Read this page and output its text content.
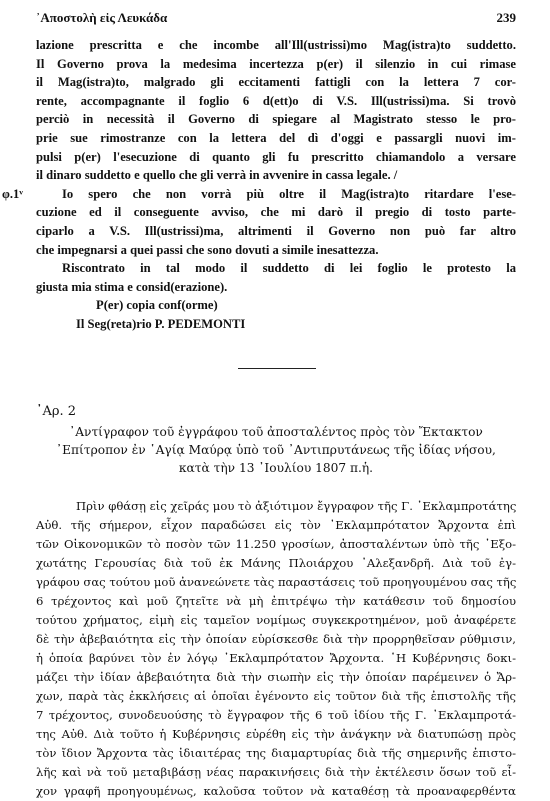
᾿Αποστολὴ εἰς Λευκάδα	239

lazione prescritta e che incombe all'Ill(ustrissi)mo Mag(istra)to suddetto.
Il Governo prova la medesima incertezza p(er) il silenzio in cui rimase
il Mag(istra)to, malgrado gli eccitamenti fattigli con la lettera 7 cor-
rente, accompagnante il foglio 6 d(ett)o di V.S. Ill(ustrissi)ma. Si trovò
perciò in necessità il Governo di spiegare al Magistrato stesso le pro-
prie sue rimostranze con la lettera del dì d'oggi e passargli nuovi im-
pulsi p(er) l'esecuzione di quanto gli fu prescritto chiamandolo a versare
il dinaro suddetto e quello che gli verrà in avvenire in cassa legale. /

φ.1ᵛ	Io spero che non vorrà più oltre il Mag(istra)to ritardare l'ese-
cuzione ed il conseguente avviso, che mi darò il pregio di tosto parte-
ciparlo a V.S. Ill(ustrissi)ma, altrimenti il Governo non può far altro
che impegnarsi a quei passi che sono dovuti a simile inesattezza.

Riscontrato in tal modo il suddetto di lei foglio le protesto la
giusta mia stima e consid(erazione).

P(er) copia conf(orme)
Il Seg(reta)rio P. PEDEMONTI

᾿Αρ. 2

᾿Αντίγραφον τοῦ ἐγγράφου τοῦ ἀποσταλέντος πρὸς τὸν Ἔκτακτον
᾿Επίτροπον ἐν ῾Αγίᾳ Μαύρᾳ ὑπὸ τοῦ ᾿Αντιπρυτάνεως τῆς ἰδίας νήσου,
κατὰ τὴν 13 ᾿Ιουλίου 1807 π.ἡ.

Πρὶν φθάσῃ εἰς χεῖράς μου τὸ ἀξιότιμον ἔγγραφον τῆς Γ. ᾿Εκλαμπροτάτης
Αὐθ. τῆς σήμερον, εἶχον παραδώσει εἰς τὸν ᾿Εκλαμπρότατον Ἄρχοντα ἐπὶ
τῶν Οἰκονομικῶν τὸ ποσὸν τῶν 11.250 γροσίων, ἀποσταλέντων ὑπὸ τῆς ᾿Εξο-
χωτάτης Γερουσίας διὰ τοῦ ἐκ Μάνης Πλοιάρχου ᾿Αλεξανδρῆ. Διὰ τοῦ ἐγ-
γράφου σας τούτου μοῦ ἀνανεώνετε τὰς παραστάσεις τοῦ προηγουμένου σας τῆς
6 τρέχοντος καὶ μοῦ ζητεῖτε νὰ μὴ ἐπιτρέψω τὴν κατάθεσιν τοῦ δημοσίου
τούτου χρήματος, εἰμὴ εἰς ταμεῖον νομίμως συγκεκροτημένον, μοῦ ἀναφέρετε
δὲ τὴν ἀβεβαιότητα εἰς τὴν ὁποίαν εὑρίσκεσθε διὰ τὴν προρρηθεῖσαν ρύθμισιν,
ἡ ὁποία βαρύνει τὸν ἐν λόγῳ ᾿Εκλαμπρότατον Ἄρχοντα. ῾Η Κυβέρνησις δοκι-
μάζει τὴν ἰδίαν ἀβεβαιότητα διὰ τὴν σιωπὴν εἰς τὴν ὁποίαν παρέμεινεν ὁ Ἄρ-
χων, παρὰ τὰς ἐκκλήσεις αἱ ὁποῖαι ἐγένοντο εἰς τοῦτον διὰ τῆς ἐπιστολῆς τῆς
7 τρέχοντος, συνοδευούσης τὸ ἔγγραφον τῆς 6 τοῦ ἰδίου τῆς Γ. ᾿Εκλαμπροτά-
της Αὐθ. Διὰ τοῦτο ἡ Κυβέρνησις εὑρέθη εἰς τὴν ἀνάγκην νὰ διατυπώσῃ πρὸς
τὸν ἴδιον Ἄρχοντα τὰς ἰδιαιτέρας της διαμαρτυρίας διὰ τῆς σημερινῆς ἐπιστο-
λῆς καὶ νὰ τοῦ μεταβιβάσῃ νέας παρακινήσεις διὰ τὴν ἐκτέλεσιν ὅσων τοῦ εἶ-
χον γραφῆ προηγουμένως, καλοῦσα τοῦτον νὰ καταθέσῃ τὰ προαναφερθέντα
